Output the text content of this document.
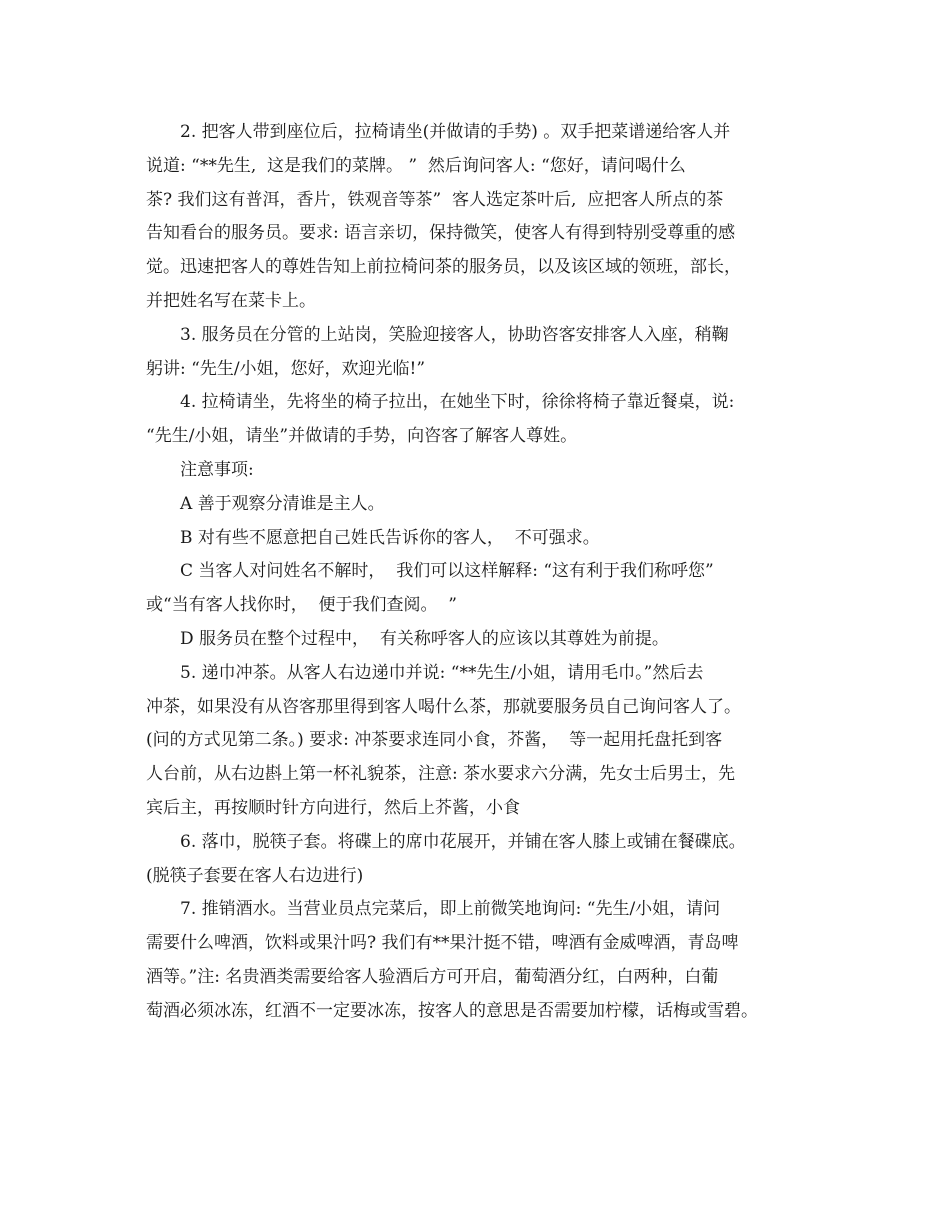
2. 把客人带到座位后，拉椅请坐(并做请的手势) 。双手把菜谱递给客人并
说道: “**先生,  这是我们的菜牌。 ”  然后询问客人: “您好，请问喝什么
茶? 我们这有普洱，香片，铁观音等茶”  客人选定茶叶后,  应把客人所点的茶
告知看台的服务员。要求: 语言亲切，保持微笑，使客人有得到特别受尊重的感
觉。迅速把客人的尊姓告知上前拉椅问茶的服务员，以及该区域的领班，部长，
并把姓名写在菜卡上。
3. 服务员在分管的上站岗，笑脸迎接客人，协助咨客安排客人入座，稍鞠
躬讲: “先生/小姐，您好，欢迎光临!”
4. 拉椅请坐，先将坐的椅子拉出，在她坐下时，徐徐将椅子靠近餐桌，说:
“先生/小姐，请坐”并做请的手势，向咨客了解客人尊姓。
注意事项:
A 善于观察分清谁是主人。
B 对有些不愿意把自己姓氏告诉你的客人，  不可强求。
C 当客人对问姓名不解时，  我们可以这样解释: “这有利于我们称呼您”
或“当有客人找你时，  便于我们查阅。  ”
D 服务员在整个过程中，  有关称呼客人的应该以其尊姓为前提。
5. 递巾冲茶。从客人右边递巾并说: “**先生/小姐，请用毛巾。”然后去
冲茶，如果没有从咨客那里得到客人喝什么茶，那就要服务员自己询问客人了。
(问的方式见第二条。) 要求: 冲茶要求连同小食，芥酱，  等一起用托盘托到客
人台前，从右边斟上第一杯礼貌茶，注意: 茶水要求六分满，先女士后男士，先
宾后主，再按顺时针方向进行，然后上芥酱，小食
6. 落巾，脱筷子套。将碟上的席巾花展开，并铺在客人膝上或铺在餐碟底。
(脱筷子套要在客人右边进行)
7. 推销酒水。当营业员点完菜后，即上前微笑地询问: “先生/小姐，请问
需要什么啤酒，饮料或果汁吗? 我们有**果汁挺不错，啤酒有金威啤酒，青岛啤
酒等。”注: 名贵酒类需要给客人验酒后方可开启，葡萄酒分红，白两种，白葡
萄酒必须冰冻，红酒不一定要冰冻，按客人的意思是否需要加柠檬，话梅或雪碧。
